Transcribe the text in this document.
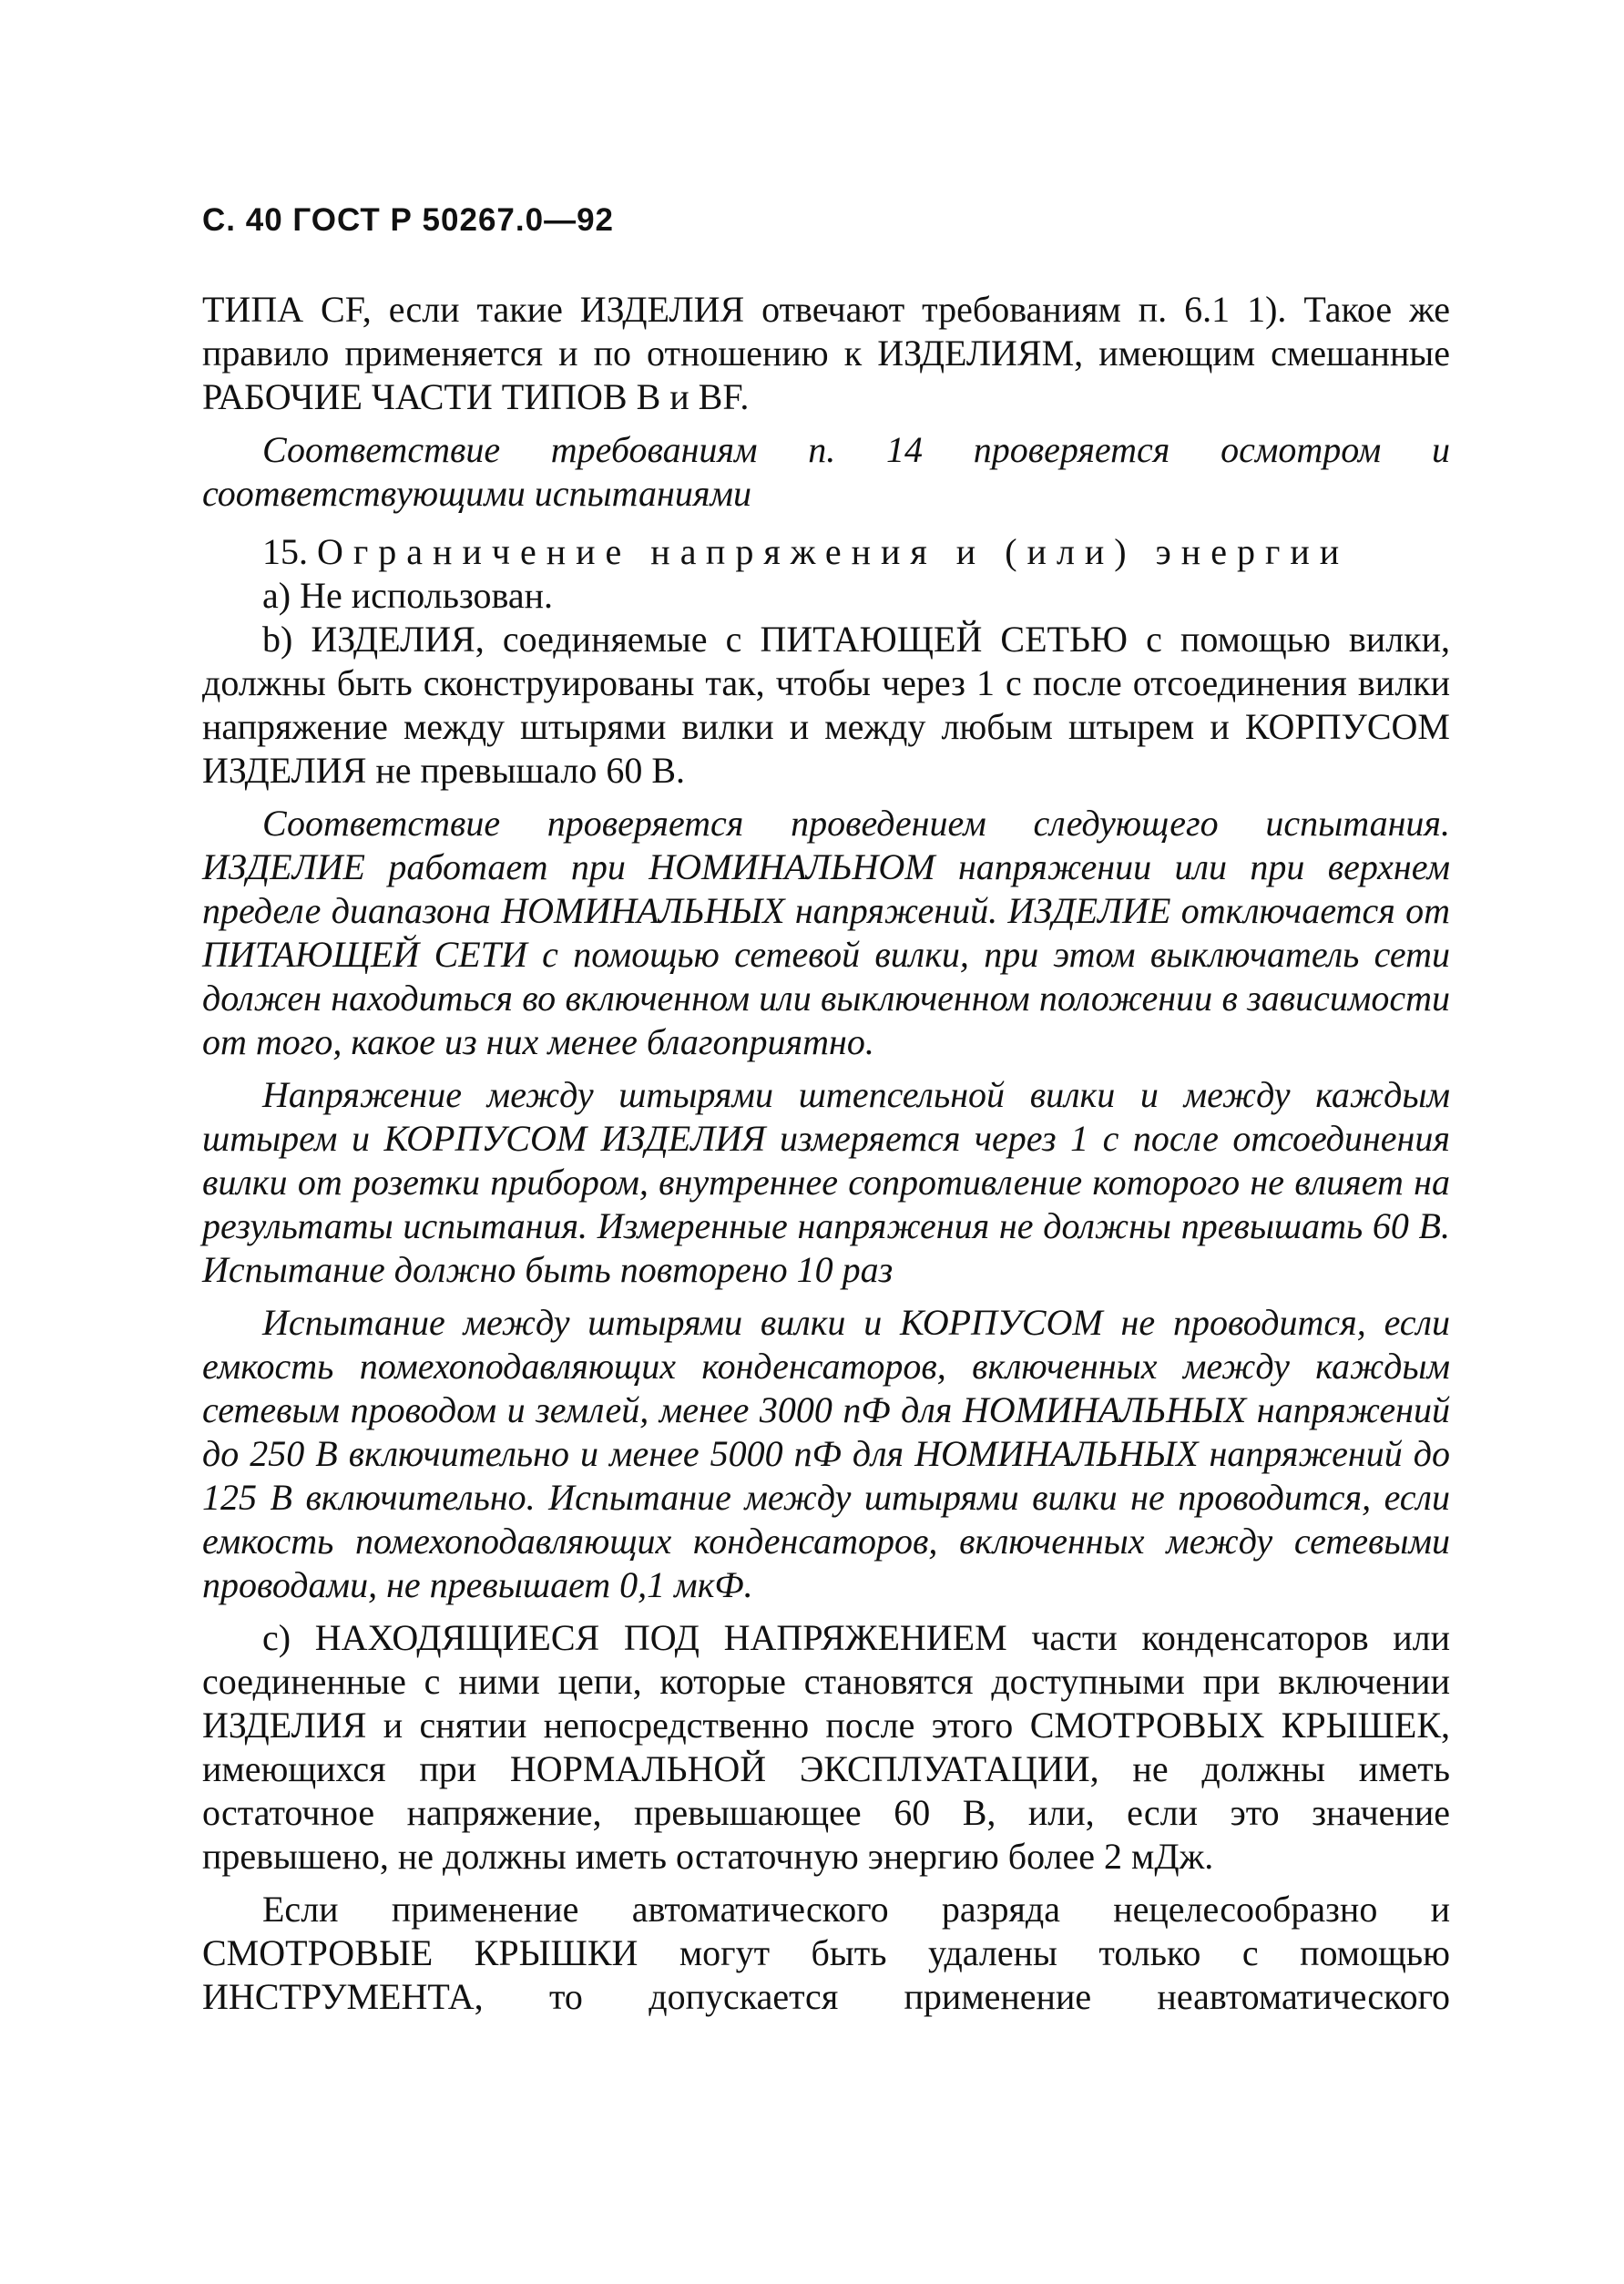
С. 40 ГОСТ Р 50267.0—92

ТИПА CF, если такие ИЗДЕЛИЯ отвечают требованиям п. 6.1 1). Такое же правило применяется и по отношению к ИЗДЕЛИЯМ, имеющим смешанные РАБОЧИЕ ЧАСТИ ТИПОВ В и BF.

Соответствие требованиям п. 14 проверяется осмотром и соответствующими испытаниями

15. Ограничение напряжения и (или) энергии

а) Не использован.

b) ИЗДЕЛИЯ, соединяемые с ПИТАЮЩЕЙ СЕТЬЮ с помощью вилки, должны быть сконструированы так, чтобы через 1 с после отсоединения вилки напряжение между штырями вилки и между любым штырем и КОРПУСОМ ИЗДЕЛИЯ не превышало 60 В.

Соответствие проверяется проведением следующего испытания. ИЗДЕЛИЕ работает при НОМИНАЛЬНОМ напряжении или при верхнем пределе диапазона НОМИНАЛЬНЫХ напряжений. ИЗДЕЛИЕ отключается от ПИТАЮЩЕЙ СЕТИ с помощью сетевой вилки, при этом выключатель сети должен находиться во включенном или выключенном положении в зависимости от того, какое из них менее благоприятно.

Напряжение между штырями штепсельной вилки и между каждым штырем и КОРПУСОМ ИЗДЕЛИЯ измеряется через 1 с после отсоединения вилки от розетки прибором, внутреннее сопротивление которого не влияет на результаты испытания. Измеренные напряжения не должны превышать 60 В. Испытание должно быть повторено 10 раз

Испытание между штырями вилки и КОРПУСОМ не проводится, если емкость помехоподавляющих конденсаторов, включенных между каждым сетевым проводом и землей, менее 3000 пФ для НОМИНАЛЬНЫХ напряжений до 250 В включительно и менее 5000 пФ для НОМИНАЛЬНЫХ напряжений до 125 В включительно. Испытание между штырями вилки не проводится, если емкость помехоподавляющих конденсаторов, включенных между сетевыми проводами, не превышает 0,1 мкФ.

с) НАХОДЯЩИЕСЯ ПОД НАПРЯЖЕНИЕМ части конденсаторов или соединенные с ними цепи, которые становятся доступными при включении ИЗДЕЛИЯ и снятии непосредственно после этого СМОТРОВЫХ КРЫШЕК, имеющихся при НОРМАЛЬНОЙ ЭКСПЛУАТАЦИИ, не должны иметь остаточное напряжение, превышающее 60 В, или, если это значение превышено, не должны иметь остаточную энергию более 2 мДж.

Если применение автоматического разряда нецелесообразно и СМОТРОВЫЕ КРЫШКИ могут быть удалены только с помощью ИНСТРУМЕНТА, то допускается применение неавтоматического
